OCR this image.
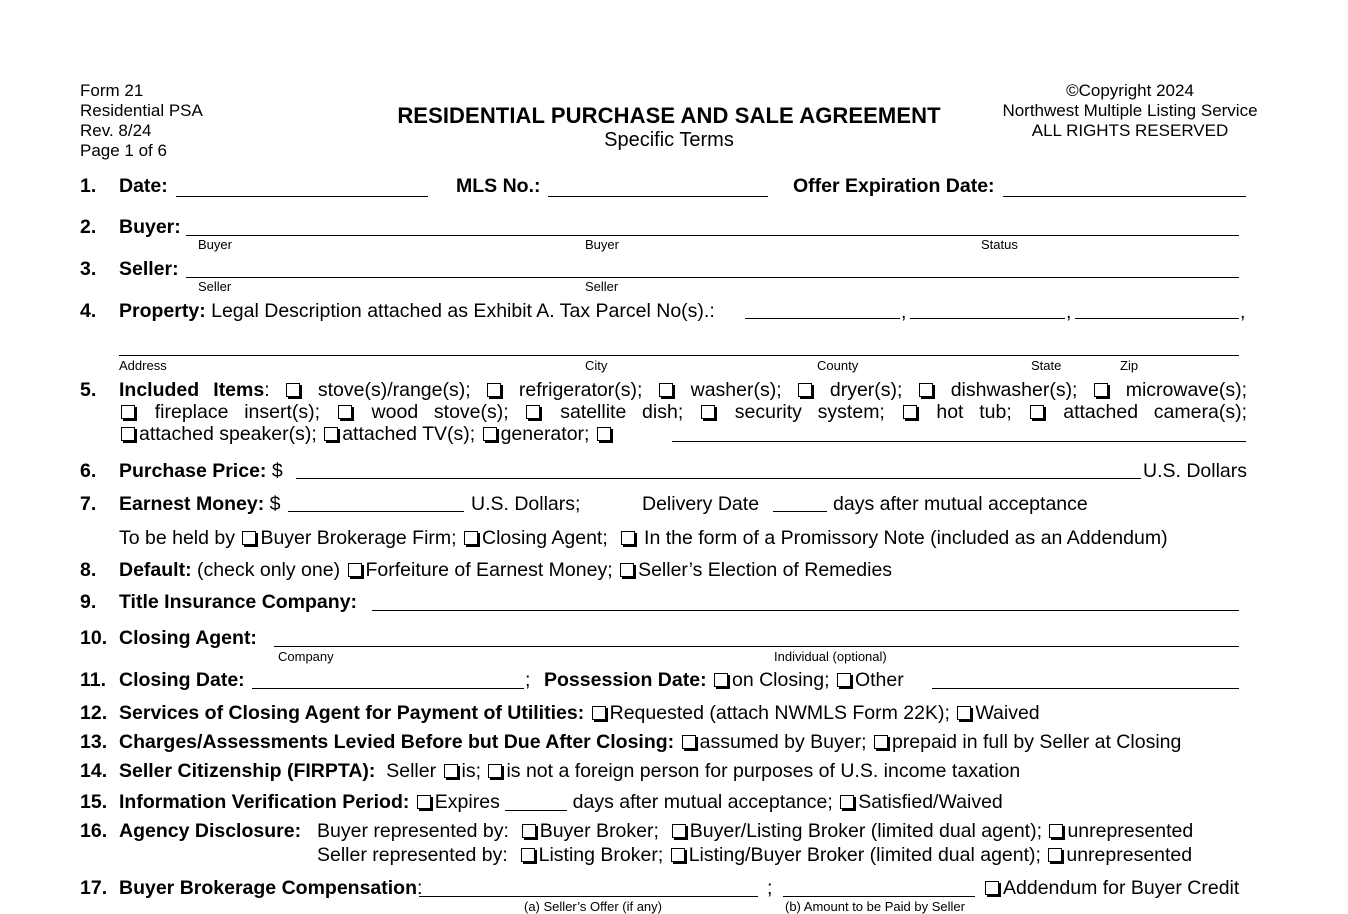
Form 21
Residential PSA
Rev. 8/24
Page 1 of 6
RESIDENTIAL PURCHASE AND SALE AGREEMENT
Specific Terms
©Copyright 2024
Northwest Multiple Listing Service
ALL RIGHTS RESERVED
1. Date:	MLS No.:	Offer Expiration Date:
2. Buyer:
Buyer	Buyer	Status
3. Seller:
Seller	Seller
4. Property: Legal Description attached as Exhibit A. Tax Parcel No(s).:	,	,	,
Address	City	County	State	Zip
5. Included Items:  stove(s)/range(s); refrigerator(s); washer(s); dryer(s); dishwasher(s); microwave(s);
fireplace insert(s);	wood stove(s);	satellite dish;	security system;	hot tub;	attached camera(s);
attached speaker(s); attached TV(s); generator;
6. Purchase Price: $	U.S. Dollars
7. Earnest Money: $	U.S. Dollars;	Delivery Date	days after mutual acceptance
To be held by Buyer Brokerage Firm; Closing Agent; In the form of a Promissory Note (included as an Addendum)
8. Default: (check only one) Forfeiture of Earnest Money; Seller’s Election of Remedies
9. Title Insurance Company:
10. Closing Agent:
Company	Individual (optional)
11. Closing Date:	; Possession Date: on Closing; Other
12. Services of Closing Agent for Payment of Utilities: Requested (attach NWMLS Form 22K); Waived
13. Charges/Assessments Levied Before but Due After Closing: assumed by Buyer; prepaid in full by Seller at Closing
14. Seller Citizenship (FIRPTA): Seller is; is not a foreign person for purposes of U.S. income taxation
15. Information Verification Period: Expires	days after mutual acceptance; Satisfied/Waived
16. Agency Disclosure: Buyer represented by: Buyer Broker; Buyer/Listing Broker (limited dual agent); unrepresented
Seller represented by: Listing Broker; Listing/Buyer Broker (limited dual agent); unrepresented
17. Buyer Brokerage Compensation:	;	Addendum for Buyer Credit
(a) Seller’s Offer (if any)	(b) Amount to be Paid by Seller
